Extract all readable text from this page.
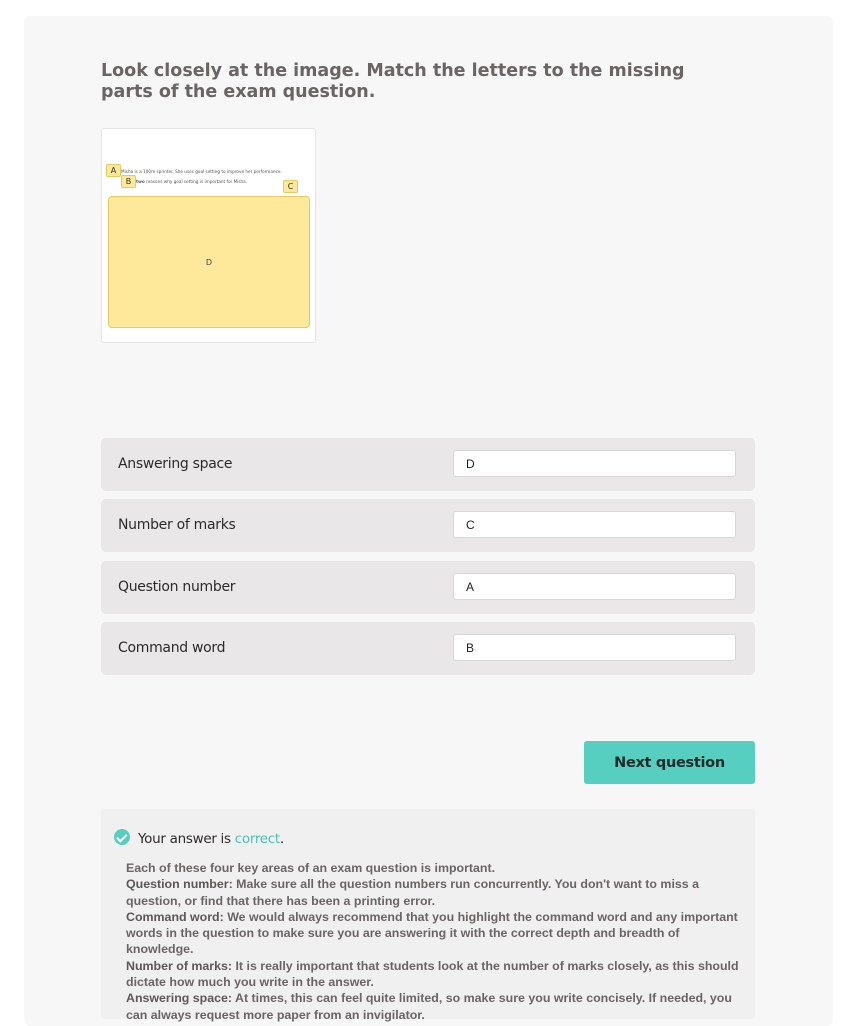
Look closely at the image. Match the letters to the missing parts of the exam question.
A	Misha is a 100m sprinter. She uses goal setting to improve her performance.
B	two reasons why goal setting is important for Misha.
C
D
Answering space
D
Number of marks
C
Question number
A
Command word
B
Next question
Your answer is correct.

Each of these four key areas of an exam question is important.

Question number: Make sure all the question numbers run concurrently. You don't want to miss a question, or find that there has been a printing error.

Command word: We would always recommend that you highlight the command word and any important words in the question to make sure you are answering it with the correct depth and breadth of knowledge.

Number of marks: It is really important that students look at the number of marks closely, as this should dictate how much you write in the answer.

Answering space: At times, this can feel quite limited, so make sure you write concisely. If needed, you can always request more paper from an invigilator.
